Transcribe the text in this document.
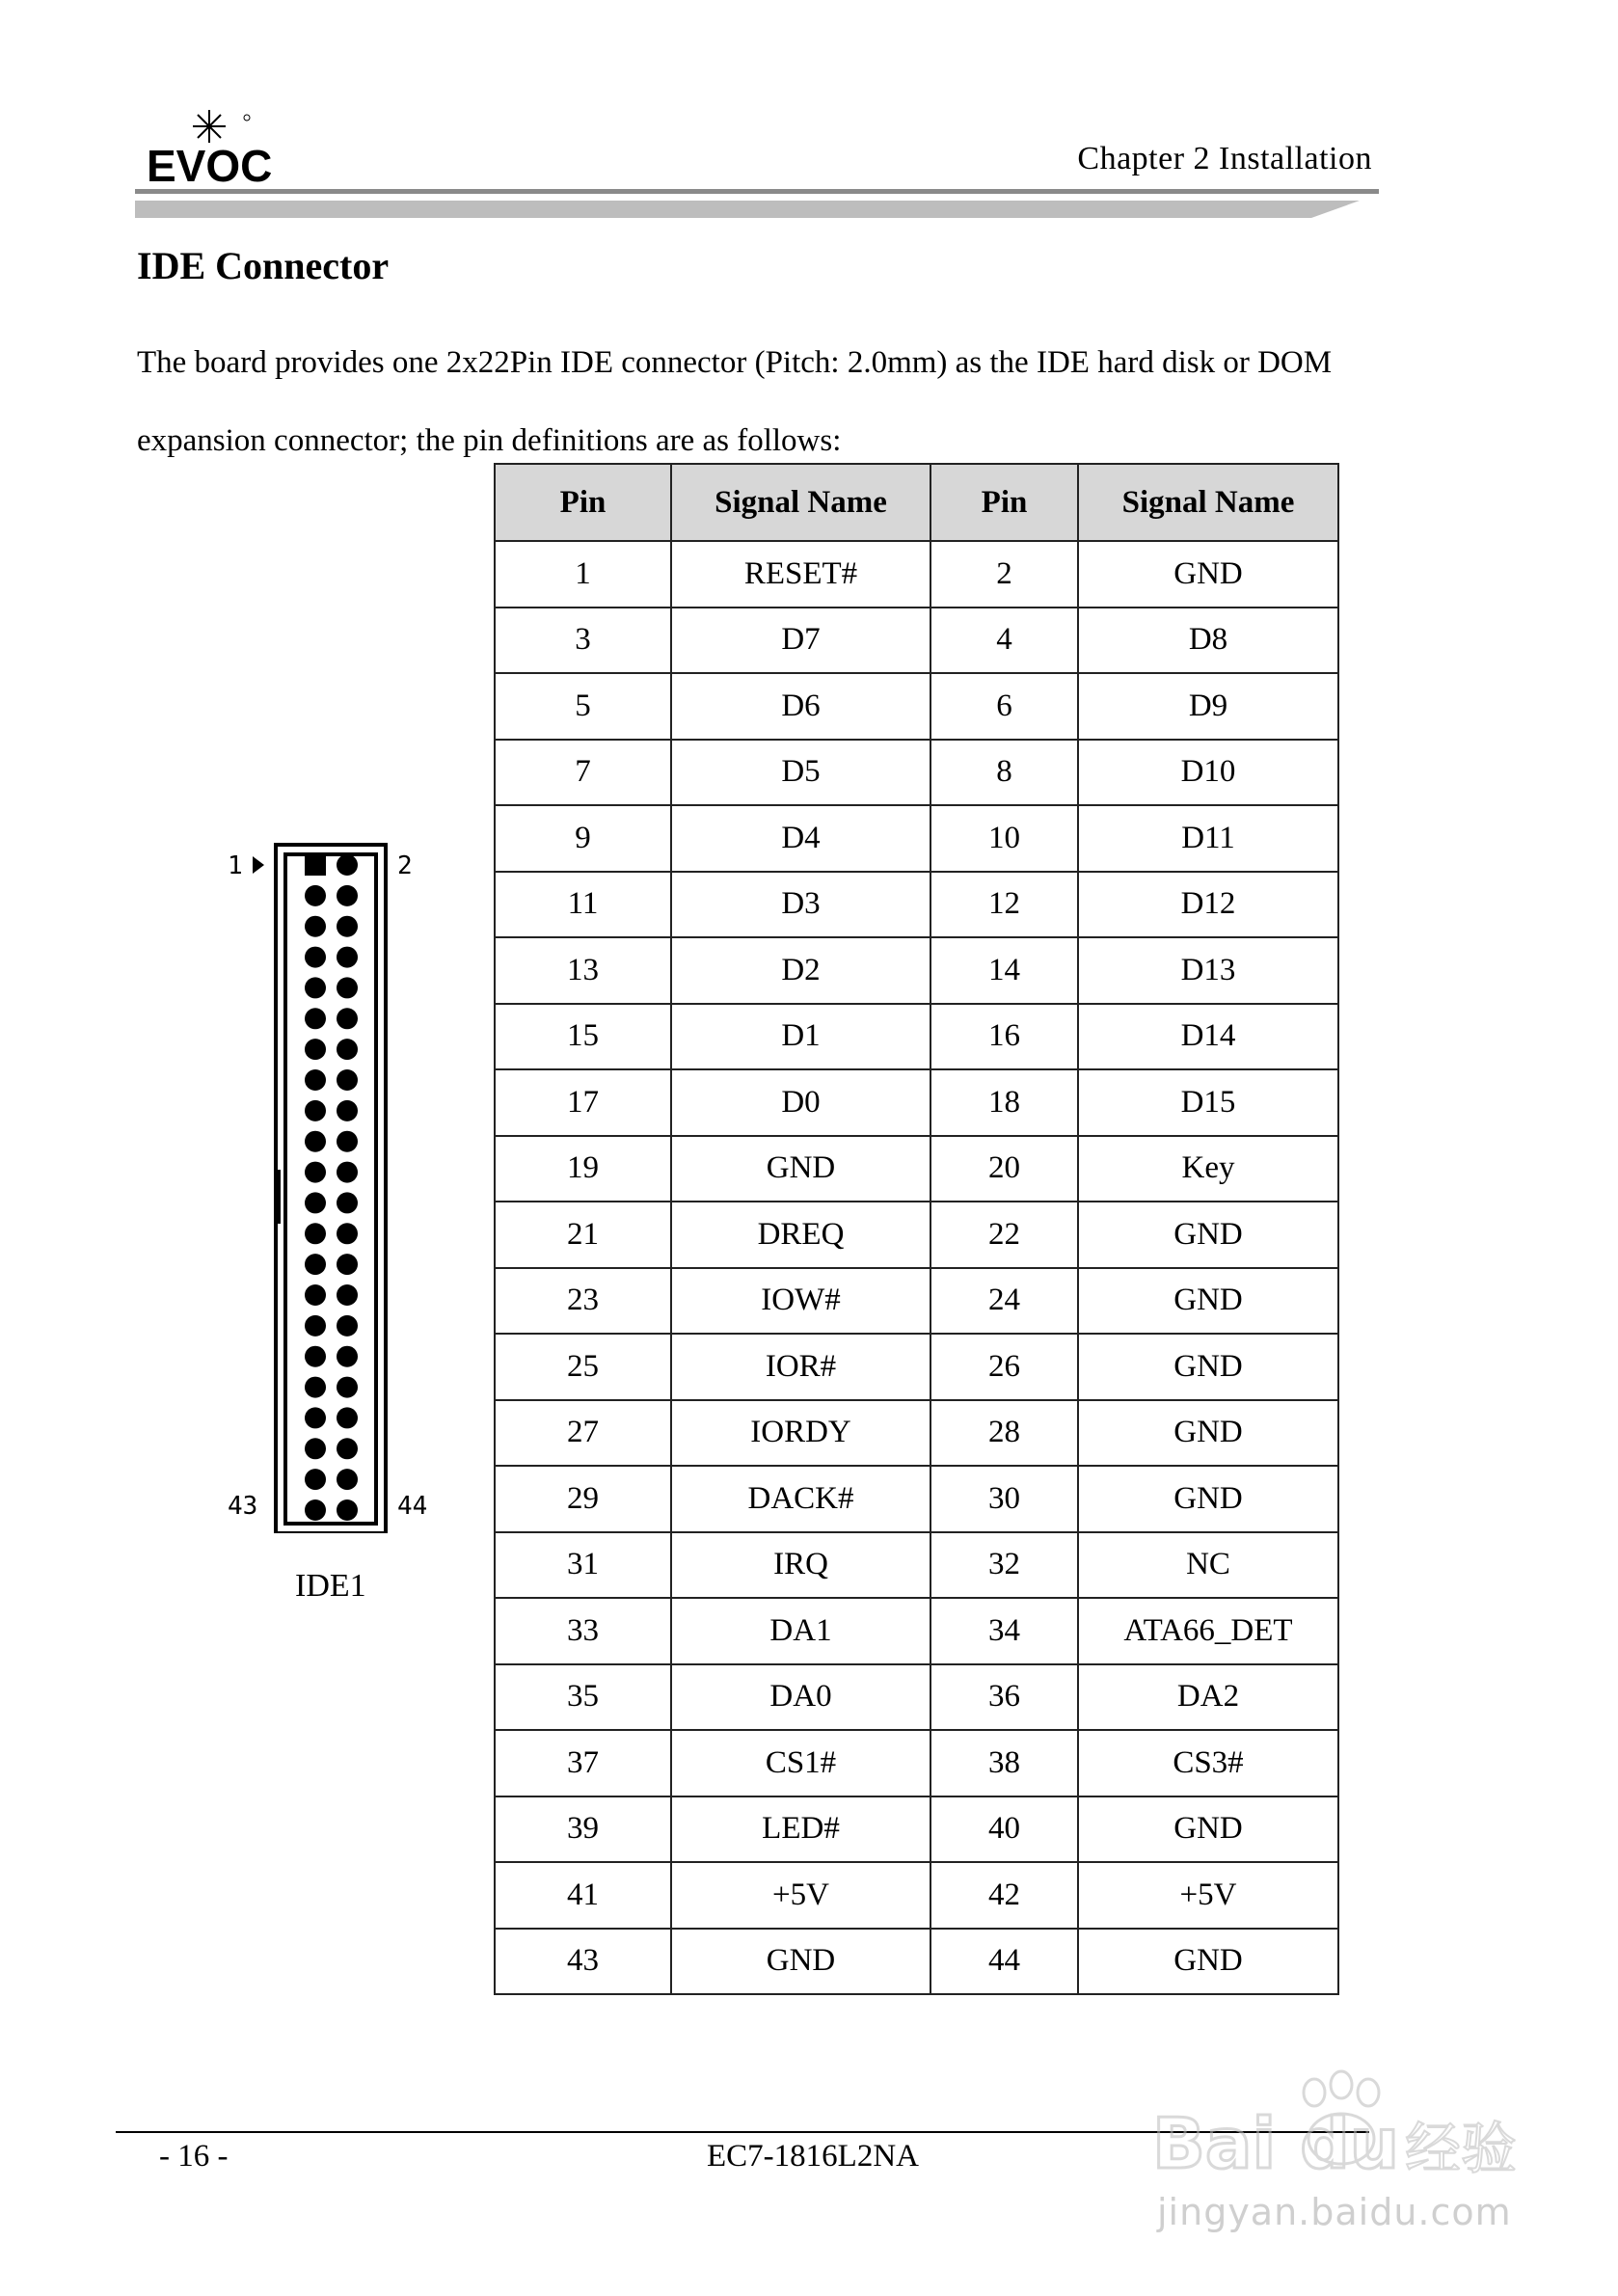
EVOC	Chapter 2 Installation
IDE Connector

The board provides one 2x22Pin IDE connector (Pitch: 2.0mm) as the IDE hard disk or DOM expansion connector; the pin definitions are as follows:

1	2
43	44
IDE1
Pin	Signal Name	Pin	Signal Name
1	RESET#	2	GND
3	D7	4	D8
5	D6	6	D9
7	D5	8	D10
9	D4	10	D11
11	D3	12	D12
13	D2	14	D13
15	D1	16	D14
17	D0	18	D15
19	GND	20	Key
21	DREQ	22	GND
23	IOW#	24	GND
25	IOR#	26	GND
27	IORDY	28	GND
29	DACK#	30	GND
31	IRQ	32	NC
33	DA1	34	ATA66_DET
35	DA0	36	DA2
37	CS1#	38	CS3#
39	LED#	40	GND
41	+5V	42	+5V
43	GND	44	GND
- 16 -	EC7-1816L2NA	Bai du 经验
jingyan.baidu.com
